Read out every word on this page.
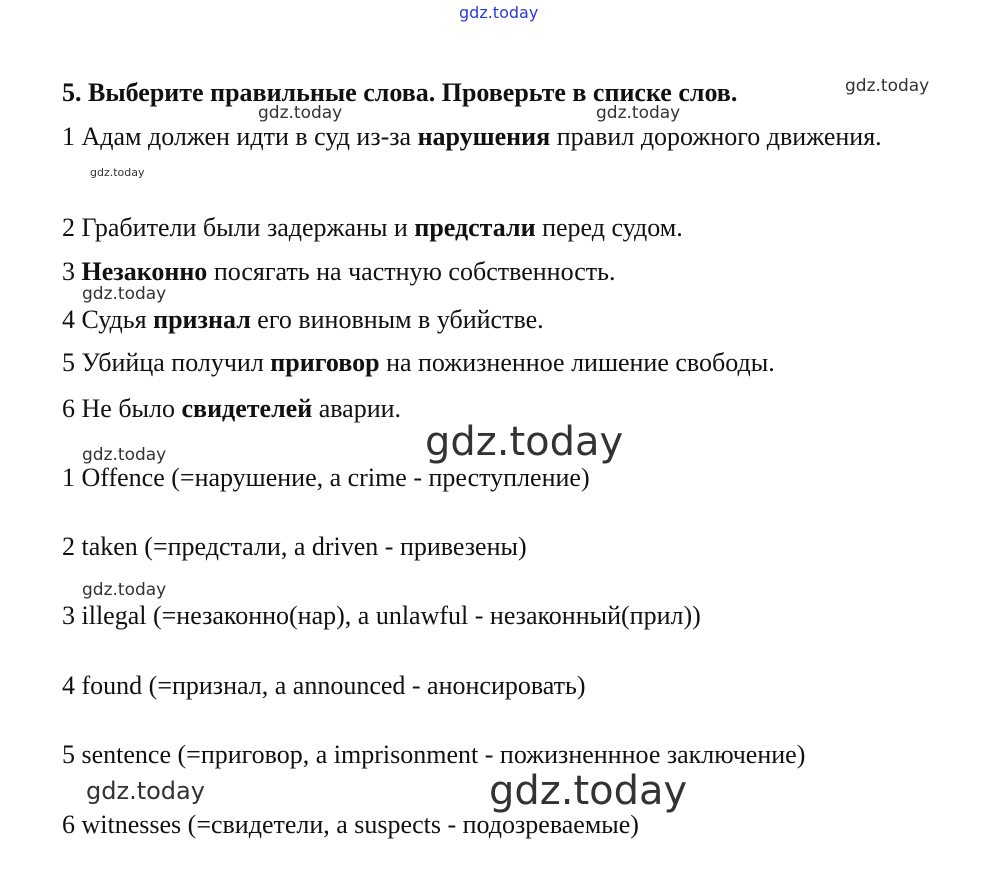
gdz.today
gdz.today
gdz.today	gdz.today
gdz.today
gdz.today
gdz.today
gdz.today
gdz.today
gdz.today	gdz.today
5. Выберите правильные слова. Проверьте в списке слов.
1 Адам должен идти в суд из-за нарушения правил дорожного движения.
2 Грабители были задержаны и предстали перед судом.
3 Незаконно посягать на частную собственность.
4 Судья признал его виновным в убийстве.
5 Убийца получил приговор на пожизненное лишение свободы.
6 Не было свидетелей аварии.
1 Offence (=нарушение, a crime - преступление)
2 taken (=предстали, a driven - привезены)
3 illegal (=незаконно(нар), a unlawful - незаконный(прил))
4 found (=признал, a announced - анонсировать)
5 sentence (=приговор, a imprisonment - пожизненнное заключение)
6 witnesses (=свидетели, a suspects - подозреваемые)
